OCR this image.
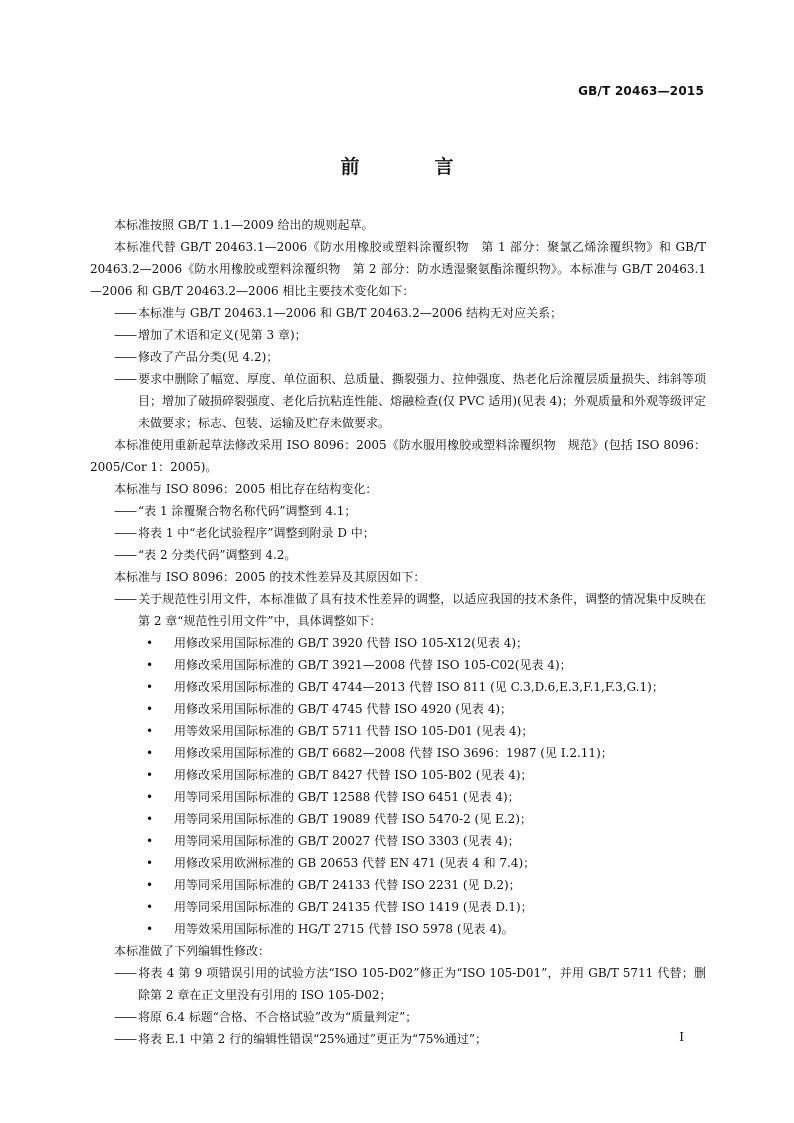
GB/T 20463—2015
前　言

本标准按照 GB/T 1.1—2009 给出的规则起草。

本标准代替 GB/T 20463.1—2006《防水用橡胶或塑料涂覆织物　第 1 部分：聚氯乙烯涂覆织物》和 GB/T 20463.2—2006《防水用橡胶或塑料涂覆织物　第 2 部分：防水透湿聚氨酯涂覆织物》。本标准与 GB/T 20463.1—2006 和 GB/T 20463.2—2006 相比主要技术变化如下：

—— 本标准与 GB/T 20463.1—2006 和 GB/T 20463.2—2006 结构无对应关系；

—— 增加了术语和定义(见第 3 章)；

—— 修改了产品分类(见 4.2)；

—— 要求中删除了幅宽、厚度、单位面积、总质量、撕裂强力、拉伸强度、热老化后涂覆层质量损失、纬斜等项目；增加了破损碎裂强度、老化后抗粘连性能、熔融检查(仅 PVC 适用)(见表 4)；外观质量和外观等级评定未做要求；标志、包装、运输及贮存未做要求。

本标准使用重新起草法修改采用 ISO 8096：2005《防水服用橡胶或塑料涂覆织物　规范》(包括 ISO 8096：2005/Cor 1：2005)。

本标准与 ISO 8096：2005 相比存在结构变化：

—— “表 1 涂覆聚合物名称代码”调整到 4.1；

—— 将表 1 中“老化试验程序”调整到附录 D 中；

—— “表 2 分类代码”调整到 4.2。

本标准与 ISO 8096：2005 的技术性差异及其原因如下：

—— 关于规范性引用文件，本标准做了具有技术性差异的调整，以适应我国的技术条件，调整的情况集中反映在第 2 章“规范性引用文件”中，具体调整如下：

• 用修改采用国际标准的 GB/T 3920 代替 ISO 105-X12(见表 4)；

• 用修改采用国际标准的 GB/T 3921—2008 代替 ISO 105-C02(见表 4)；

• 用修改采用国际标准的 GB/T 4744—2013 代替 ISO 811 (见 C.3,D.6,E.3,F.1,F.3,G.1)；

• 用修改采用国际标准的 GB/T 4745 代替 ISO 4920 (见表 4)；

• 用等效采用国际标准的 GB/T 5711 代替 ISO 105-D01 (见表 4)；

• 用修改采用国际标准的 GB/T 6682—2008 代替 ISO 3696：1987 (见 I.2.11)；

• 用修改采用国际标准的 GB/T 8427 代替 ISO 105-B02 (见表 4)；

• 用等同采用国际标准的 GB/T 12588 代替 ISO 6451 (见表 4)；

• 用等同采用国际标准的 GB/T 19089 代替 ISO 5470-2 (见 E.2)；

• 用等同采用国际标准的 GB/T 20027 代替 ISO 3303 (见表 4)；

• 用修改采用欧洲标准的 GB 20653 代替 EN 471 (见表 4 和 7.4)；

• 用等同采用国际标准的 GB/T 24133 代替 ISO 2231 (见 D.2)；

• 用等同采用国际标准的 GB/T 24135 代替 ISO 1419 (见表 D.1)；

• 用等效采用国际标准的 HG/T 2715 代替 ISO 5978 (见表 4)。

本标准做了下列编辑性修改：

—— 将表 4 第 9 项错误引用的试验方法“ISO 105-D02”修正为“ISO 105-D01”，并用 GB/T 5711 代替；删除第 2 章在正文里没有引用的 ISO 105-D02；

—— 将原 6.4 标题“合格、不合格试验”改为“质量判定”；

—— 将表 E.1 中第 2 行的编辑性错误“25%通过”更正为“75%通过”；	I
